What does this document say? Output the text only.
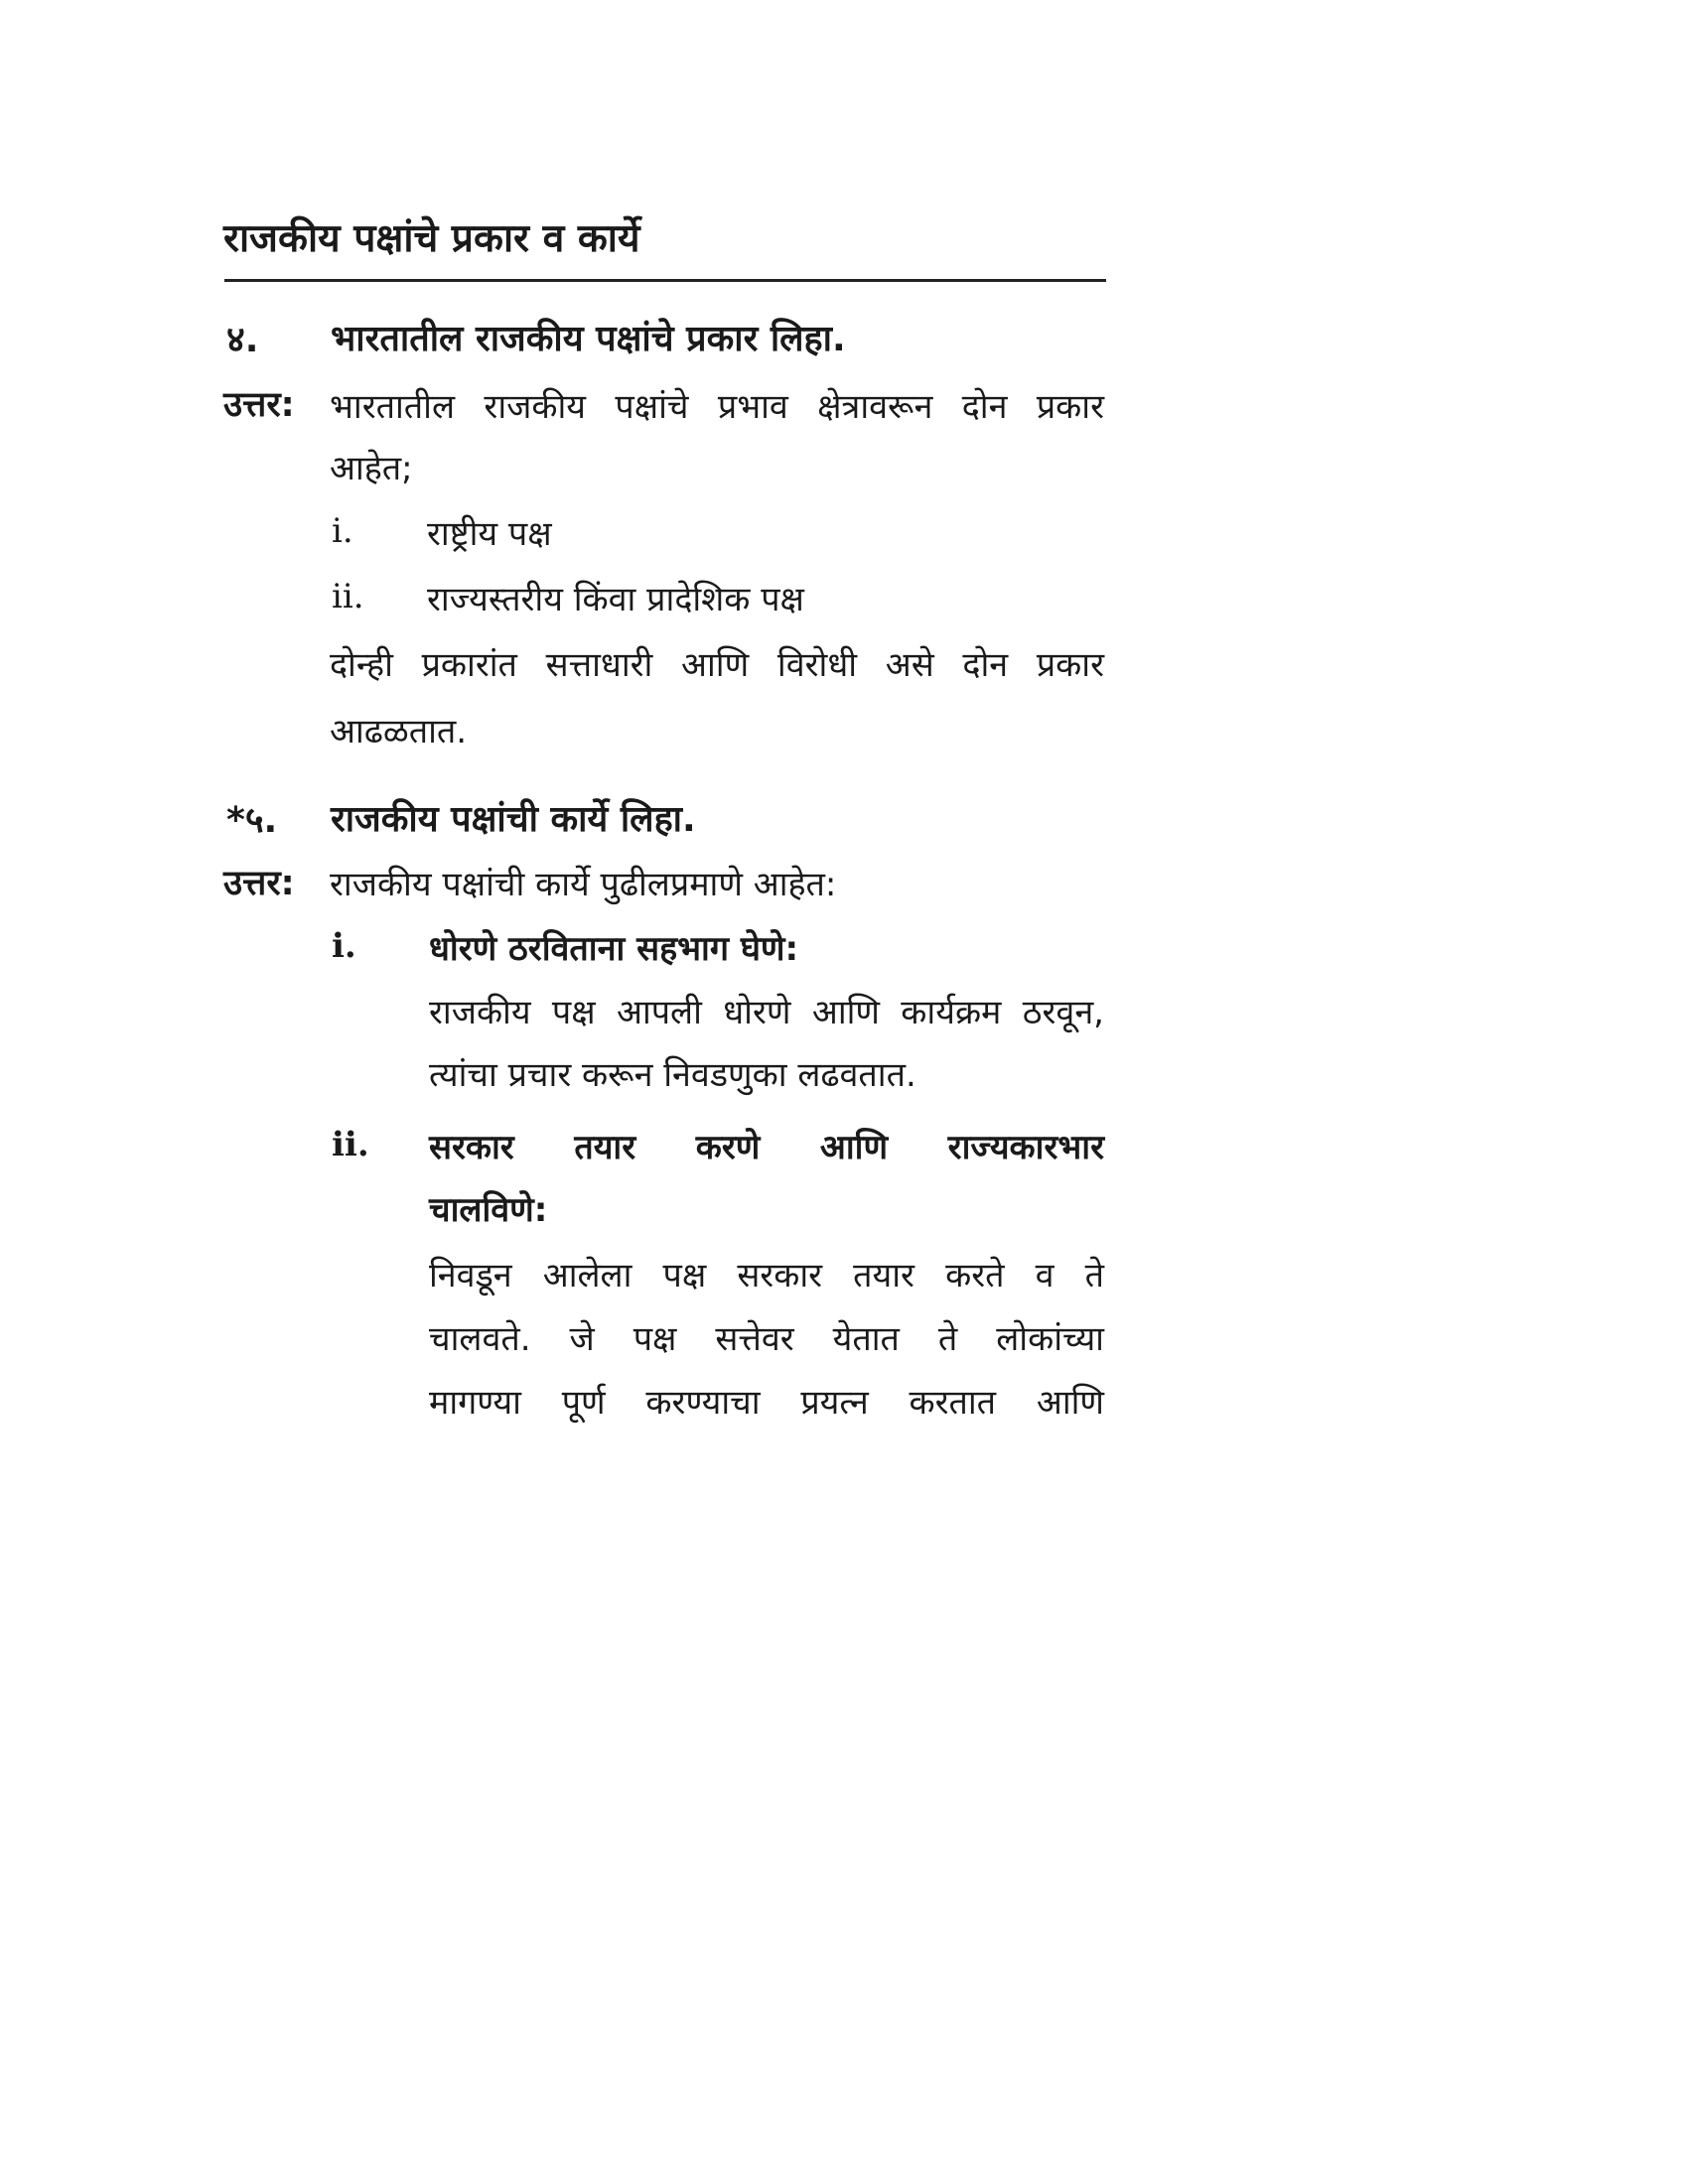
राजकीय पक्षांचे प्रकार व कार्ये
४. भारतातील राजकीय पक्षांचे प्रकार लिहा.
उत्तर: भारतातील राजकीय पक्षांचे प्रभाव क्षेत्रावरून दोन प्रकार
आहेत;
i. राष्ट्रीय पक्ष
ii. राज्यस्तरीय किंवा प्रादेशिक पक्ष
दोन्ही प्रकारांत सत्ताधारी आणि विरोधी असे दोन प्रकार
आढळतात.
*५. राजकीय पक्षांची कार्ये लिहा.
उत्तर: राजकीय पक्षांची कार्ये पुढीलप्रमाणे आहेत:
i. धोरणे ठरविताना सहभाग घेणे:
राजकीय पक्ष आपली धोरणे आणि कार्यक्रम ठरवून,
त्यांचा प्रचार करून निवडणुका लढवतात.
ii. सरकार तयार करणे आणि राज्यकारभार
चालविणे:
निवडून आलेला पक्ष सरकार तयार करते व ते
चालवते. जे पक्ष सत्तेवर येतात ते लोकांच्या
मागण्या पूर्ण करण्याचा प्रयत्न करतात आणि
